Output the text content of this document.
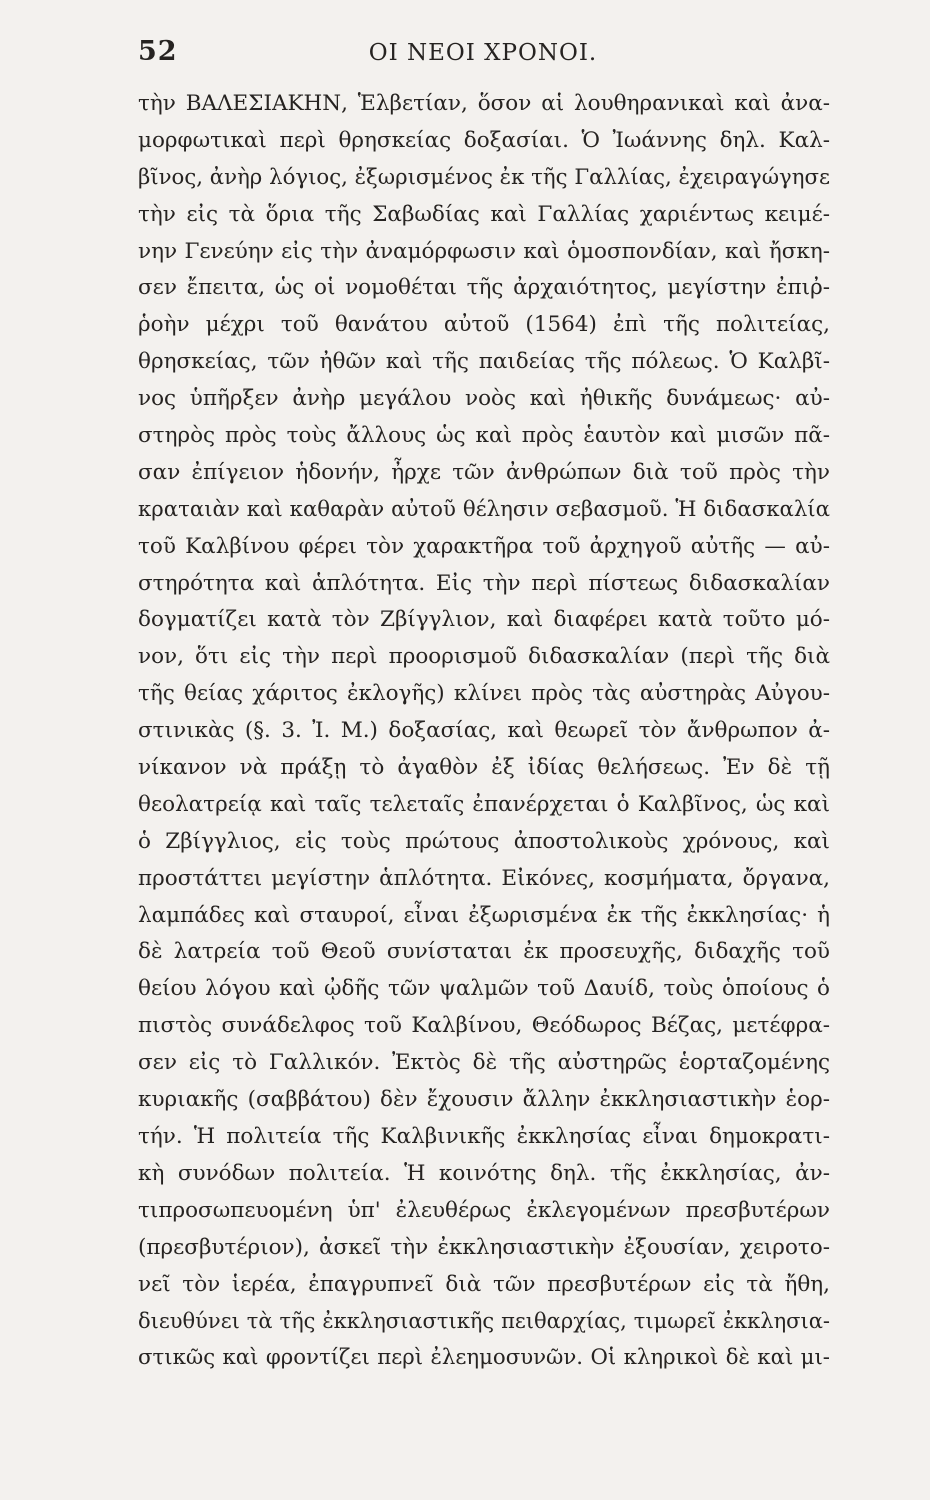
52	ΟΙ ΝΕΟΙ ΧΡΟΝΟΙ.
τὴν ΒΑΛΕΣΙΑΚΗΝ, Ἑλβετίαν, ὅσον αἱ λουθηρανικαὶ καὶ ἀνα-
μορφωτικαὶ περὶ θρησκείας δοξασίαι. Ὁ Ἰωάννης δηλ. Καλ-
βῖνος, ἀνὴρ λόγιος, ἐξωρισμένος ἐκ τῆς Γαλλίας, ἐχειραγώγησε
τὴν εἰς τὰ ὅρια τῆς Σαβωδίας καὶ Γαλλίας χαριέντως κειμέ-
νην Γενεύην εἰς τὴν ἀναμόρφωσιν καὶ ὁμοσπονδίαν, καὶ ἤσκη-
σεν ἔπειτα, ὡς οἱ νομοθέται τῆς ἀρχαιότητος, μεγίστην ἐπιῤ-
ῥοὴν μέχρι τοῦ θανάτου αὐτοῦ (1564) ἐπὶ τῆς πολιτείας,
θρησκείας, τῶν ἠθῶν καὶ τῆς παιδείας τῆς πόλεως. Ὁ Καλβῖ-
νος ὑπῆρξεν ἀνὴρ μεγάλου νοὸς καὶ ἠθικῆς δυνάμεως· αὐ-
στηρὸς πρὸς τοὺς ἄλλους ὡς καὶ πρὸς ἑαυτὸν καὶ μισῶν πᾶ-
σαν ἐπίγειον ἡδονήν, ἦρχε τῶν ἀνθρώπων διὰ τοῦ πρὸς τὴν
κραταιὰν καὶ καθαρὰν αὐτοῦ θέλησιν σεβασμοῦ. Ἡ διδασκαλία
τοῦ Καλβίνου φέρει τὸν χαρακτῆρα τοῦ ἀρχηγοῦ αὐτῆς — αὐ-
στηρότητα καὶ ἁπλότητα. Εἰς τὴν περὶ πίστεως διδασκαλίαν
δογματίζει κατὰ τὸν Ζβίγγλιον, καὶ διαφέρει κατὰ τοῦτο μό-
νον, ὅτι εἰς τὴν περὶ προορισμοῦ διδασκαλίαν (περὶ τῆς διὰ
τῆς θείας χάριτος ἐκλογῆς) κλίνει πρὸς τὰς αὐστηρὰς Αὐγου-
στινικὰς (§. 3. Ἰ. Μ.) δοξασίας, καὶ θεωρεῖ τὸν ἄνθρωπον ἀ-
νίκανον νὰ πράξῃ τὸ ἀγαθὸν ἐξ ἰδίας θελήσεως. Ἐν δὲ τῇ
θεολατρείᾳ καὶ ταῖς τελεταῖς ἐπανέρχεται ὁ Καλβῖνος, ὡς καὶ
ὁ Ζβίγγλιος, εἰς τοὺς πρώτους ἀποστολικοὺς χρόνους, καὶ
προστάττει μεγίστην ἁπλότητα. Εἰκόνες, κοσμήματα, ὄργανα,
λαμπάδες καὶ σταυροί, εἶναι ἐξωρισμένα ἐκ τῆς ἐκκλησίας· ἡ
δὲ λατρεία τοῦ Θεοῦ συνίσταται ἐκ προσευχῆς, διδαχῆς τοῦ
θείου λόγου καὶ ᾠδῆς τῶν ψαλμῶν τοῦ Δαυίδ, τοὺς ὁποίους ὁ
πιστὸς συνάδελφος τοῦ Καλβίνου, Θεόδωρος Βέζας, μετέφρα-
σεν εἰς τὸ Γαλλικόν. Ἐκτὸς δὲ τῆς αὐστηρῶς ἑορταζομένης
κυριακῆς (σαββάτου) δὲν ἔχουσιν ἄλλην ἐκκλησιαστικὴν ἑορ-
τήν. Ἡ πολιτεία τῆς Καλβινικῆς ἐκκλησίας εἶναι δημοκρατι-
κὴ συνόδων πολιτεία. Ἡ κοινότης δηλ. τῆς ἐκκλησίας, ἀν-
τιπροσωπευομένη ὑπ' ἐλευθέρως ἐκλεγομένων πρεσβυτέρων
(πρεσβυτέριον), ἀσκεῖ τὴν ἐκκλησιαστικὴν ἐξουσίαν, χειροτο-
νεῖ τὸν ἱερέα, ἐπαγρυπνεῖ διὰ τῶν πρεσβυτέρων εἰς τὰ ἤθη,
διευθύνει τὰ τῆς ἐκκλησιαστικῆς πειθαρχίας, τιμωρεῖ ἐκκλησια-
στικῶς καὶ φροντίζει περὶ ἐλεημοσυνῶν. Οἱ κληρικοὶ δὲ καὶ μι-
